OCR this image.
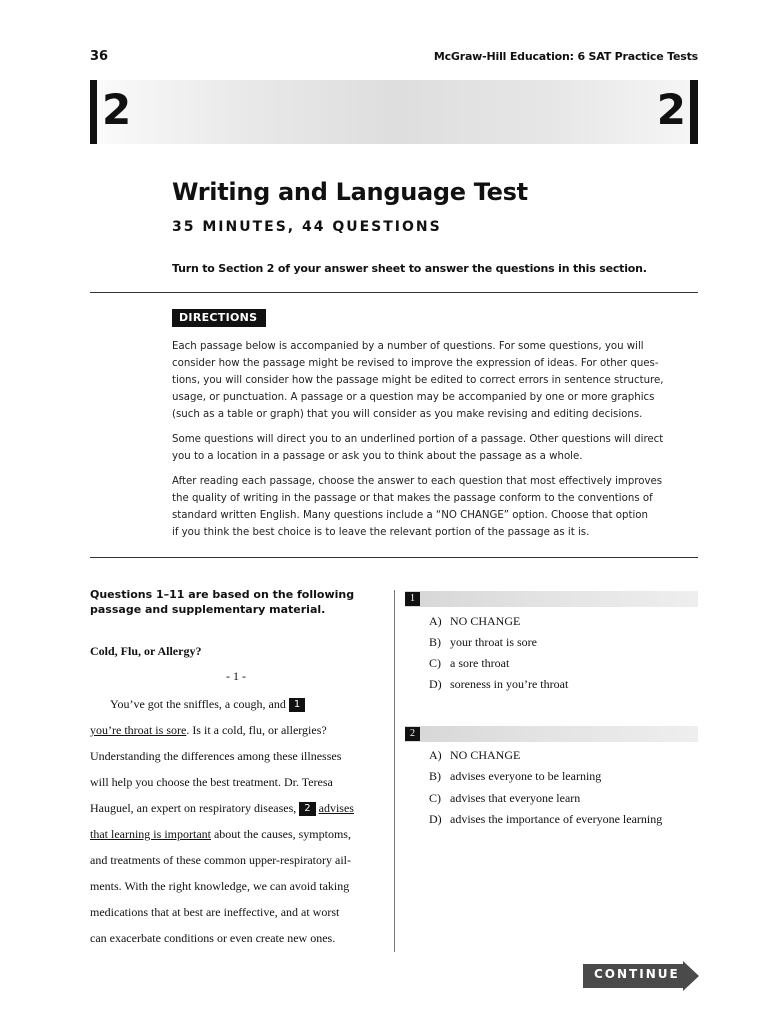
36	McGraw-Hill Education: 6 SAT Practice Tests
2	2
Writing and Language Test
35 MINUTES, 44 QUESTIONS
Turn to Section 2 of your answer sheet to answer the questions in this section.
DIRECTIONS
Each passage below is accompanied by a number of questions. For some questions, you will
consider how the passage might be revised to improve the expression of ideas. For other ques-
tions, you will consider how the passage might be edited to correct errors in sentence structure,
usage, or punctuation. A passage or a question may be accompanied by one or more graphics
(such as a table or graph) that you will consider as you make revising and editing decisions.
Some questions will direct you to an underlined portion of a passage. Other questions will direct
you to a location in a passage or ask you to think about the passage as a whole.
After reading each passage, choose the answer to each question that most effectively improves
the quality of writing in the passage or that makes the passage conform to the conventions of
standard written English. Many questions include a “NO CHANGE” option. Choose that option
if you think the best choice is to leave the relevant portion of the passage as it is.
Questions 1–11 are based on the following passage and supplementary material.
Cold, Flu, or Allergy?
- 1 -
You’ve got the sniffles, a cough, and 1
you’re throat is sore. Is it a cold, flu, or allergies?
Understanding the differences among these illnesses
will help you choose the best treatment. Dr. Teresa
Hauguel, an expert on respiratory diseases, 2 advises
that learning is important about the causes, symptoms,
and treatments of these common upper-respiratory ail-
ments. With the right knowledge, we can avoid taking
medications that at best are ineffective, and at worst
can exacerbate conditions or even create new ones.
1
A) NO CHANGE
B) your throat is sore
C) a sore throat
D) soreness in you’re throat
2
A) NO CHANGE
B) advises everyone to be learning
C) advises that everyone learn
D) advises the importance of everyone learning
CONTINUE
